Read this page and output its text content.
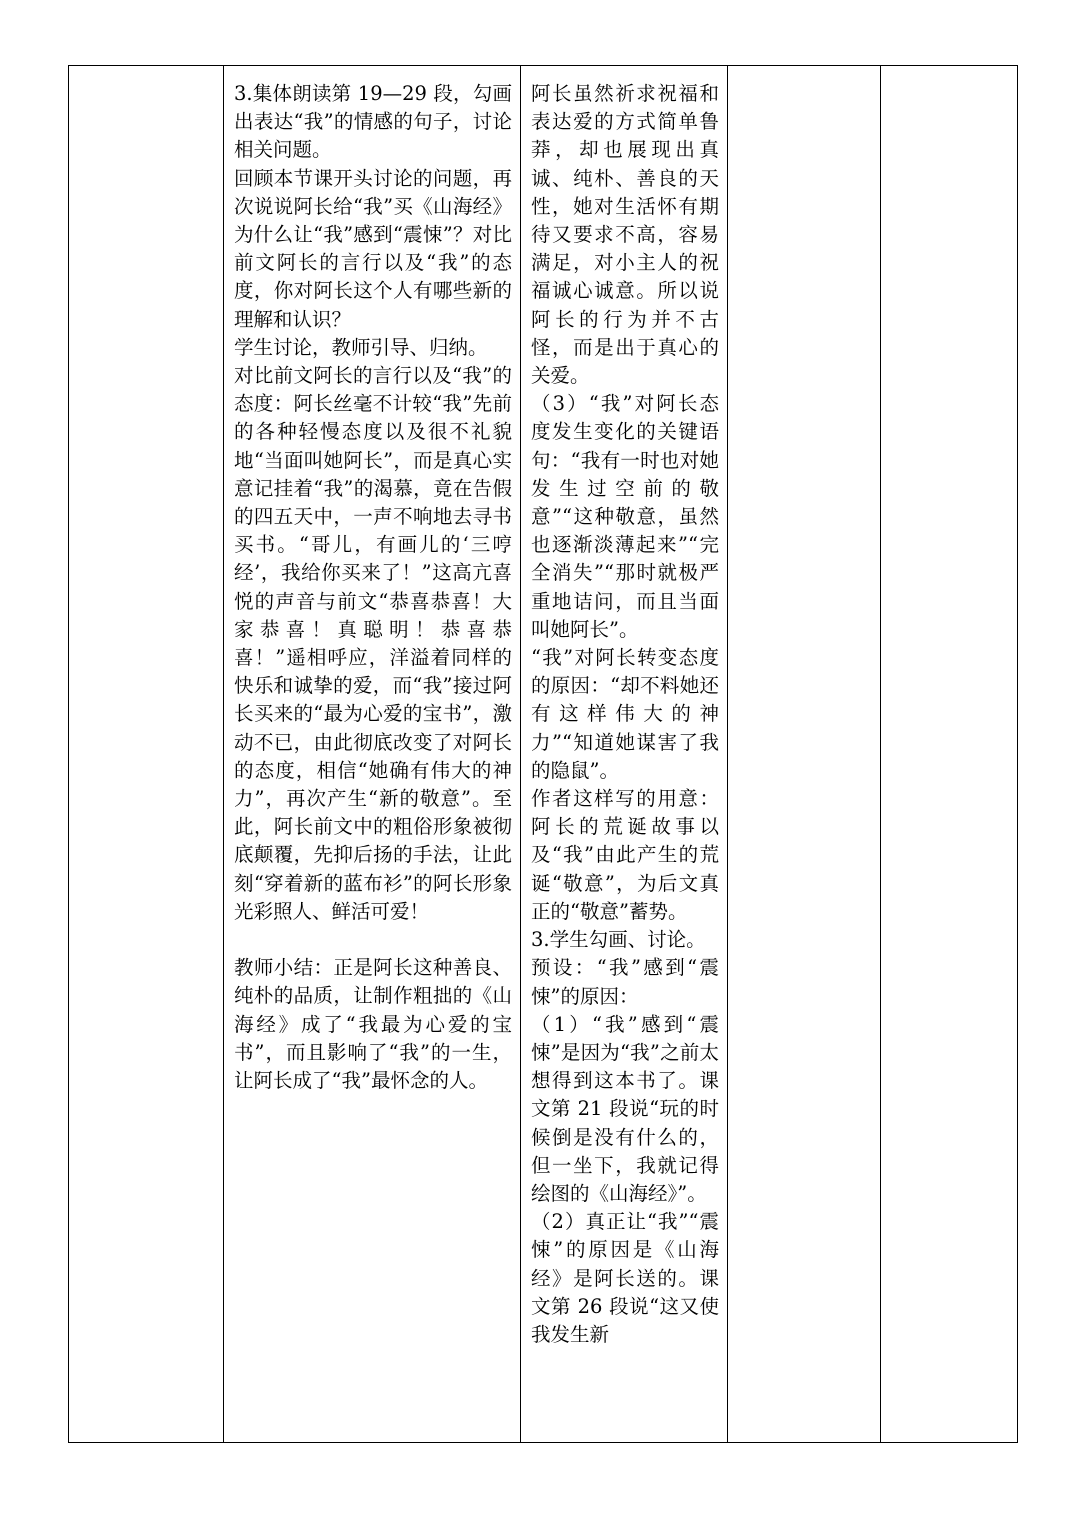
3.集体朗读第 19—29 段，勾画出表达“我”的情感的句子，讨论相关问题。

回顾本节课开头讨论的问题，再次说说阿长给“我”买《山海经》为什么让“我”感到“震悚”？对比前文阿长的言行以及“我”的态度，你对阿长这个人有哪些新的理解和认识？

学生讨论，教师引导、归纳。

对比前文阿长的言行以及“我”的态度：阿长丝毫不计较“我”先前的各种轻慢态度以及很不礼貌地“当面叫她阿长”，而是真心实意记挂着“我”的渴慕，竟在告假的四五天中，一声不响地去寻书买书。“哥儿，有画儿的‘三哼经’，我给你买来了！”这高亢喜悦的声音与前文“恭喜恭喜！大家恭喜！真聪明！恭喜恭喜！”遥相呼应，洋溢着同样的快乐和诚挚的爱，而“我”接过阿长买来的“最为心爱的宝书”，激动不已，由此彻底改变了对阿长的态度，相信“她确有伟大的神力”，再次产生“新的敬意”。至此，阿长前文中的粗俗形象被彻底颠覆，先抑后扬的手法，让此刻“穿着新的蓝布衫”的阿长形象光彩照人、鲜活可爱！

教师小结：正是阿长这种善良、纯朴的品质，让制作粗拙的《山海经》成了“我最为心爱的宝书”，而且影响了“我”的一生，让阿长成了“我”最怀念的人。

阿长虽然祈求祝福和表达爱的方式简单鲁莽，却也展现出真诚、纯朴、善良的天性，她对生活怀有期待又要求不高，容易满足，对小主人的祝福诚心诚意。所以说阿长的行为并不古怪，而是出于真心的关爱。

（3）“我”对阿长态度发生变化的关键语句：“我有一时也对她发生过空前的敬意”“这种敬意，虽然也逐渐淡薄起来”“完全消失”“那时就极严重地诘问，而且当面叫她阿长”。

“我”对阿长转变态度的原因：“却不料她还有这样伟大的神力”“知道她谋害了我的隐鼠”。

作者这样写的用意：阿长的荒诞故事以及“我”由此产生的荒诞“敬意”，为后文真正的“敬意”蓄势。

3.学生勾画、讨论。

预设：“我”感到“震悚”的原因：

（1）“我”感到“震悚”是因为“我”之前太想得到这本书了。课文第 21 段说“玩的时候倒是没有什么的，但一坐下，我就记得绘图的《山海经》”。

（2）真正让“我”“震悚”的原因是《山海经》是阿长送的。课文第 26 段说“这又使我发生新
